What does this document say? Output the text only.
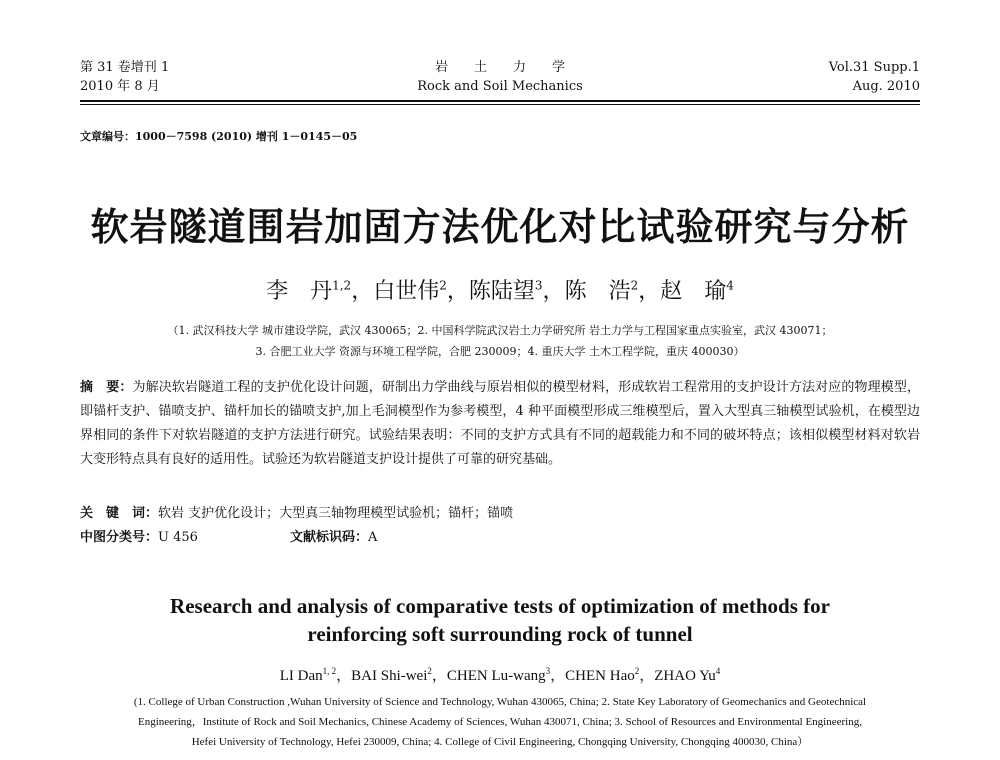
第 31 卷增刊 1
2010 年 8 月
岩土力学
Rock and Soil Mechanics
Vol.31 Supp.1
Aug. 2010
文章编号：1000－7598 (2010) 增刊 1－0145－05
软岩隧道围岩加固方法优化对比试验研究与分析
李　丹$^{1,2}$，白世伟$^2$，陈陆望$^3$，陈　浩$^2$，赵　瑜$^4$
（1. 武汉科技大学 城市建设学院，武汉 430065；2. 中国科学院武汉岩土力学研究所 岩土力学与工程国家重点实验室，武汉 430071；
3. 合肥工业大学 资源与环境工程学院，合肥 230009；4. 重庆大学 土木工程学院，重庆 400030）
摘　要：为解决软岩隧道工程的支护优化设计问题，研制出力学曲线与原岩相似的模型材料，形成软岩工程常用的支护设计方法对应的物理模型，即锚杆支护、锚喷支护、锚杆加长的锚喷支护,加上毛洞模型作为参考模型，4 种平面模型形成三维模型后，置入大型真三轴模型试验机，在模型边界相同的条件下对软岩隧道的支护方法进行研究。试验结果表明：不同的支护方式具有不同的超载能力和不同的破坏特点；该相似模型材料对软岩大变形特点具有良好的适用性。试验还为软岩隧道支护设计提供了可靠的研究基础。
关　键　词：软岩 支护优化设计；大型真三轴物理模型试验机；锚杆；锚喷
中图分类号：U 456	文献标识码：A
Research and analysis of comparative tests of optimization of methods for
reinforcing soft surrounding rock of tunnel
LI Dan$^{1, 2}$，BAI Shi-wei$^2$，CHEN Lu-wang$^3$，CHEN Hao$^2$，ZHAO Yu$^4$
(1. College of Urban Construction ,Wuhan University of Science and Technology, Wuhan 430065, China; 2. State Key Laboratory of Geomechanics and Geotechnical
Engineering，Institute of Rock and Soil Mechanics, Chinese Academy of Sciences, Wuhan 430071, China; 3. School of Resources and Environmental Engineering,
Hefei University of Technology, Hefei 230009, China; 4. College of Civil Engineering, Chongqing University, Chongqing 400030, China）
